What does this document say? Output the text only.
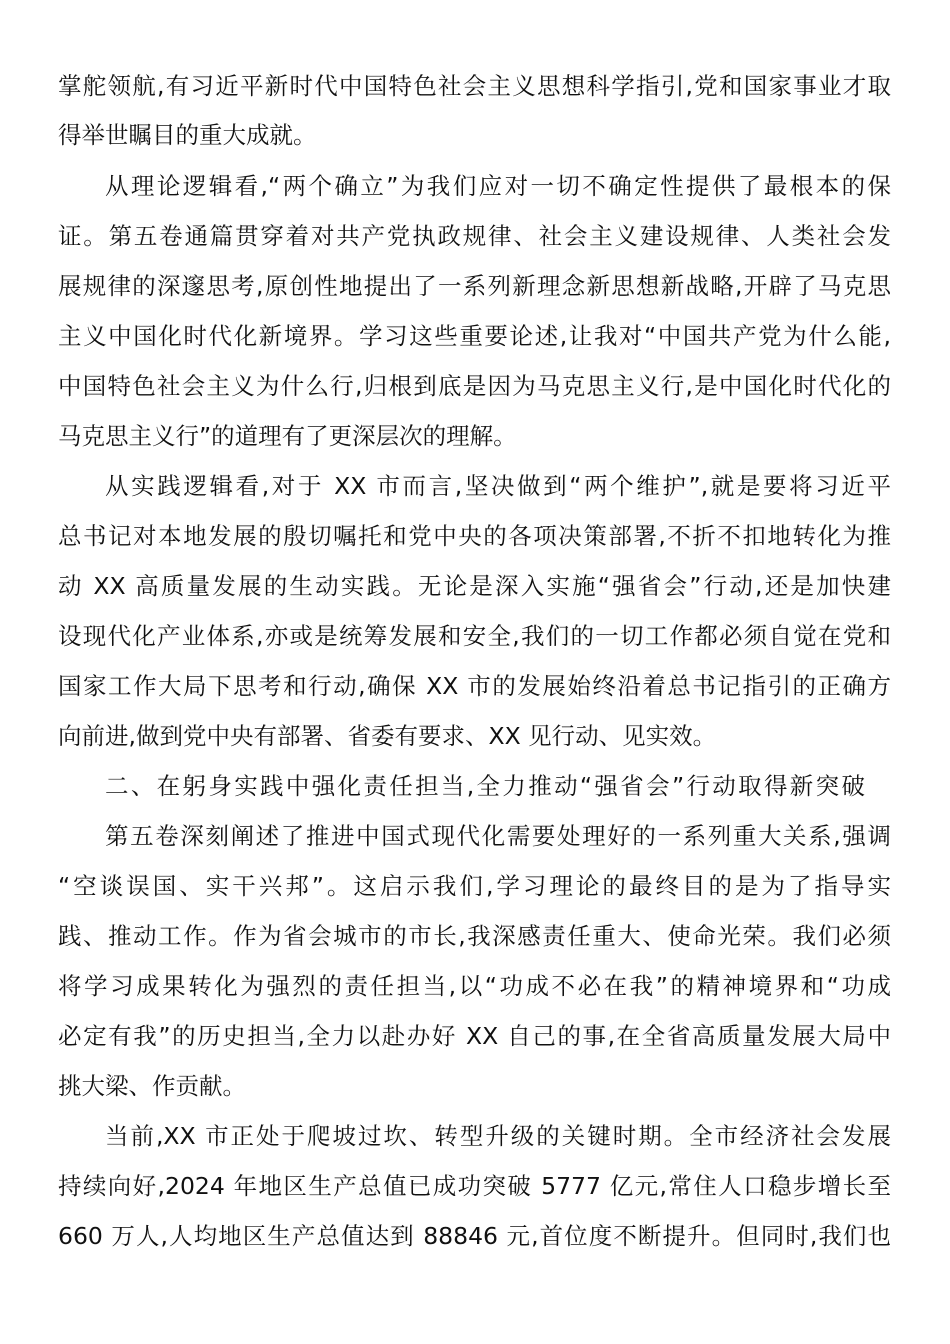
掌舵领航,有习近平新时代中国特色社会主义思想科学指引,党和国家事业才取

得举世瞩目的重大成就。

从理论逻辑看,“两个确立”为我们应对一切不确定性提供了最根本的保

证。第五卷通篇贯穿着对共产党执政规律、社会主义建设规律、人类社会发

展规律的深邃思考,原创性地提出了一系列新理念新思想新战略,开辟了马克思

主义中国化时代化新境界。学习这些重要论述,让我对“中国共产党为什么能,

中国特色社会主义为什么行,归根到底是因为马克思主义行,是中国化时代化的

马克思主义行”的道理有了更深层次的理解。

从实践逻辑看,对于 XX 市而言,坚决做到“两个维护”,就是要将习近平

总书记对本地发展的殷切嘱托和党中央的各项决策部署,不折不扣地转化为推

动 XX 高质量发展的生动实践。无论是深入实施“强省会”行动,还是加快建

设现代化产业体系,亦或是统筹发展和安全,我们的一切工作都必须自觉在党和

国家工作大局下思考和行动,确保 XX 市的发展始终沿着总书记指引的正确方

向前进,做到党中央有部署、省委有要求、XX 见行动、见实效。

二、在躬身实践中强化责任担当,全力推动“强省会”行动取得新突破

第五卷深刻阐述了推进中国式现代化需要处理好的一系列重大关系,强调

“空谈误国、实干兴邦”。这启示我们,学习理论的最终目的是为了指导实

践、推动工作。作为省会城市的市长,我深感责任重大、使命光荣。我们必须

将学习成果转化为强烈的责任担当,以“功成不必在我”的精神境界和“功成

必定有我”的历史担当,全力以赴办好 XX 自己的事,在全省高质量发展大局中

挑大梁、作贡献。

当前,XX 市正处于爬坡过坎、转型升级的关键时期。全市经济社会发展

持续向好,2024 年地区生产总值已成功突破 5777 亿元,常住人口稳步增长至

660 万人,人均地区生产总值达到 88846 元,首位度不断提升。但同时,我们也
